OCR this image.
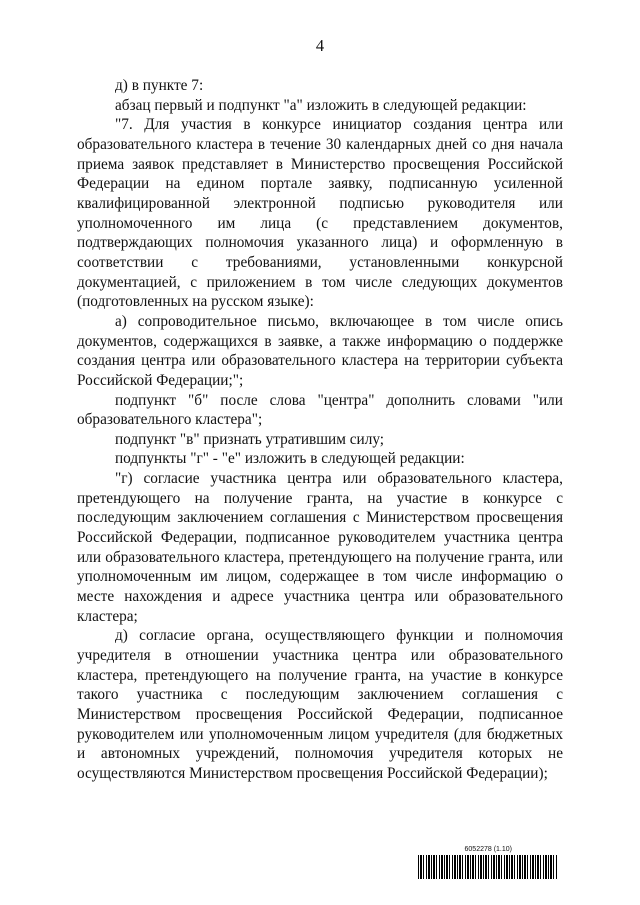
4

д) в пункте 7:

абзац первый и подпункт "а" изложить в следующей редакции:

"7. Для участия в конкурсе инициатор создания центра или образовательного кластера в течение 30 календарных дней со дня начала приема заявок представляет в Министерство просвещения Российской Федерации на едином портале заявку, подписанную усиленной квалифицированной электронной подписью руководителя или уполномоченного им лица (с представлением документов, подтверждающих полномочия указанного лица) и оформленную в соответствии с требованиями, установленными конкурсной документацией, с приложением в том числе следующих документов (подготовленных на русском языке):

а) сопроводительное письмо, включающее в том числе опись документов, содержащихся в заявке, а также информацию о поддержке создания центра или образовательного кластера на территории субъекта Российской Федерации;";

подпункт "б" после слова "центра" дополнить словами "или образовательного кластера";

подпункт "в" признать утратившим силу;

подпункты "г" - "е" изложить в следующей редакции:

"г) согласие участника центра или образовательного кластера, претендующего на получение гранта, на участие в конкурсе с последующим заключением соглашения с Министерством просвещения Российской Федерации, подписанное руководителем участника центра или образовательного кластера, претендующего на получение гранта, или уполномоченным им лицом, содержащее в том числе информацию о месте нахождения и адресе участника центра или образовательного кластера;

д) согласие органа, осуществляющего функции и полномочия учредителя в отношении участника центра или образовательного кластера, претендующего на получение гранта, на участие в конкурсе такого участника с последующим заключением соглашения с Министерством просвещения Российской Федерации, подписанное руководителем или уполномоченным лицом учредителя (для бюджетных и автономных учреждений, полномочия учредителя которых не осуществляются Министерством просвещения Российской Федерации);

6052278 (1.10)
